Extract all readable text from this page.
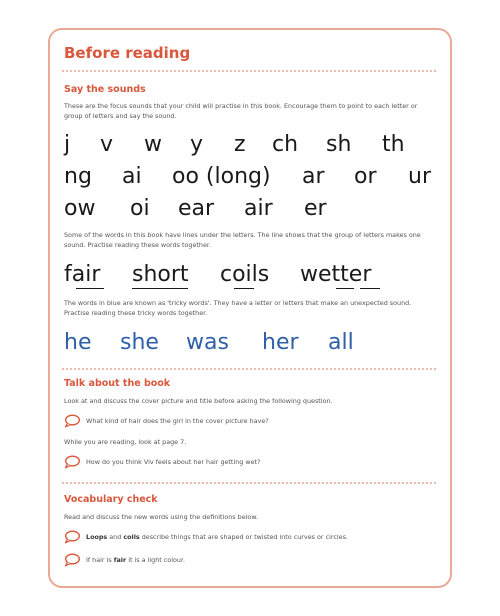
Before reading
Say the sounds
These are the focus sounds that your child will practise in this book. Encourage them to point to each letter or group of letters and say the sound.
j v w y z ch sh th
ng ai oo (long) ar or ur
ow oi ear air er
Some of the words in this book have lines under the letters. The line shows that the group of letters makes one sound. Practise reading these words together.
fair short coils wetter
The words in blue are known as 'tricky words'. They have a letter or letters that make an unexpected sound. Practise reading these tricky words together.
he she was her all
Talk about the book
Look at and discuss the cover picture and title before asking the following question.
What kind of hair does the girl in the cover picture have?
While you are reading, look at page 7.
How do you think Viv feels about her hair getting wet?
Vocabulary check
Read and discuss the new words using the definitions below.
Loops and coils describe things that are shaped or twisted into curves or circles.
If hair is fair it is a light colour.
